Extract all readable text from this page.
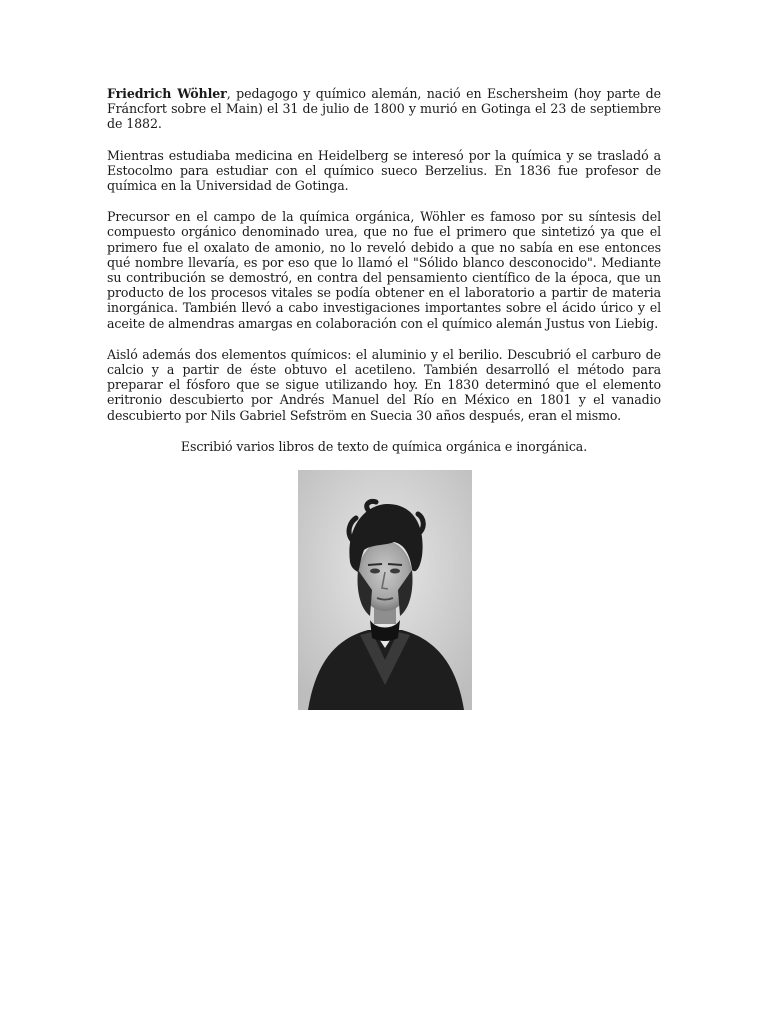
Friedrich Wöhler, pedagogo y químico alemán, nació en Eschersheim (hoy parte de Fráncfort sobre el Main) el 31 de julio de 1800 y murió en Gotinga el 23 de septiembre de 1882.

Mientras estudiaba medicina en Heidelberg se interesó por la química y se trasladó a Estocolmo para estudiar con el químico sueco Berzelius. En 1836 fue profesor de química en la Universidad de Gotinga.

Precursor en el campo de la química orgánica, Wöhler es famoso por su síntesis del compuesto orgánico denominado urea, que no fue el primero que sintetizó ya que el primero fue el oxalato de amonio, no lo reveló debido a que no sabía en ese entonces qué nombre llevaría, es por eso que lo llamó el "Sólido blanco desconocido". Mediante su contribución se demostró, en contra del pensamiento científico de la época, que un producto de los procesos vitales se podía obtener en el laboratorio a partir de materia inorgánica. También llevó a cabo investigaciones importantes sobre el ácido úrico y el aceite de almendras amargas en colaboración con el químico alemán Justus von Liebig.

Aisló además dos elementos químicos: el aluminio y el berilio. Descubrió el carburo de calcio y a partir de éste obtuvo el acetileno. También desarrolló el método para preparar el fósforo que se sigue utilizando hoy. En 1830 determinó que el elemento eritronio descubierto por Andrés Manuel del Río en México en 1801 y el vanadio descubierto por Nils Gabriel Sefström en Suecia 30 años después, eran el mismo.

Escribió varios libros de texto de química orgánica e inorgánica.
